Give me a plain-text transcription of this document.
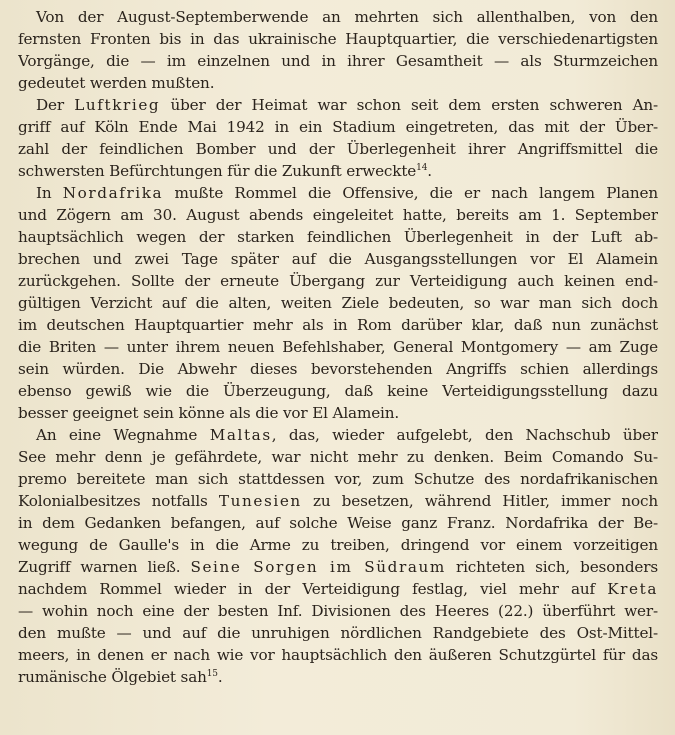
Von der August-Septemberwende an mehrten sich allenthalben, von den
fernsten Fronten bis in das ukrainische Hauptquartier, die verschiedenartigsten
Vorgänge, die — im einzelnen und in ihrer Gesamtheit — als Sturmzeichen
gedeutet werden mußten.

Der Luftkrieg über der Heimat war schon seit dem ersten schweren An-
griff auf Köln Ende Mai 1942 in ein Stadium eingetreten, das mit der Über-
zahl der feindlichen Bomber und der Überlegenheit ihrer Angriffsmittel die
schwersten Befürchtungen für die Zukunft erweckte$^{14}$.

In Nordafrika mußte Rommel die Offensive, die er nach langem Planen
und Zögern am 30. August abends eingeleitet hatte, bereits am 1. September
hauptsächlich wegen der starken feindlichen Überlegenheit in der Luft ab-
brechen und zwei Tage später auf die Ausgangsstellungen vor El Alamein
zurückgehen. Sollte der erneute Übergang zur Verteidigung auch keinen end-
gültigen Verzicht auf die alten, weiten Ziele bedeuten, so war man sich doch
im deutschen Hauptquartier mehr als in Rom darüber klar, daß nun zunächst
die Briten — unter ihrem neuen Befehlshaber, General Montgomery — am Zuge
sein würden. Die Abwehr dieses bevorstehenden Angriffs schien allerdings
ebenso gewiß wie die Überzeugung, daß keine Verteidigungsstellung dazu
besser geeignet sein könne als die vor El Alamein.

An eine Wegnahme Maltas, das, wieder aufgelebt, den Nachschub über
See mehr denn je gefährdete, war nicht mehr zu denken. Beim Comando Su-
premo bereitete man sich stattdessen vor, zum Schutze des nordafrikanischen
Kolonialbesitzes notfalls Tunesien zu besetzen, während Hitler, immer noch
in dem Gedanken befangen, auf solche Weise ganz Franz. Nordafrika der Be-
wegung de Gaulle's in die Arme zu treiben, dringend vor einem vorzeitigen
Zugriff warnen ließ. Seine Sorgen im Südraum richteten sich, besonders
nachdem Rommel wieder in der Verteidigung festlag, viel mehr auf Kreta
— wohin noch eine der besten Inf. Divisionen des Heeres (22.) überführt wer-
den mußte — und auf die unruhigen nördlichen Randgebiete des Ost-Mittel-
meers, in denen er nach wie vor hauptsächlich den äußeren Schutzgürtel für das
rumänische Ölgebiet sah$^{15}$.
